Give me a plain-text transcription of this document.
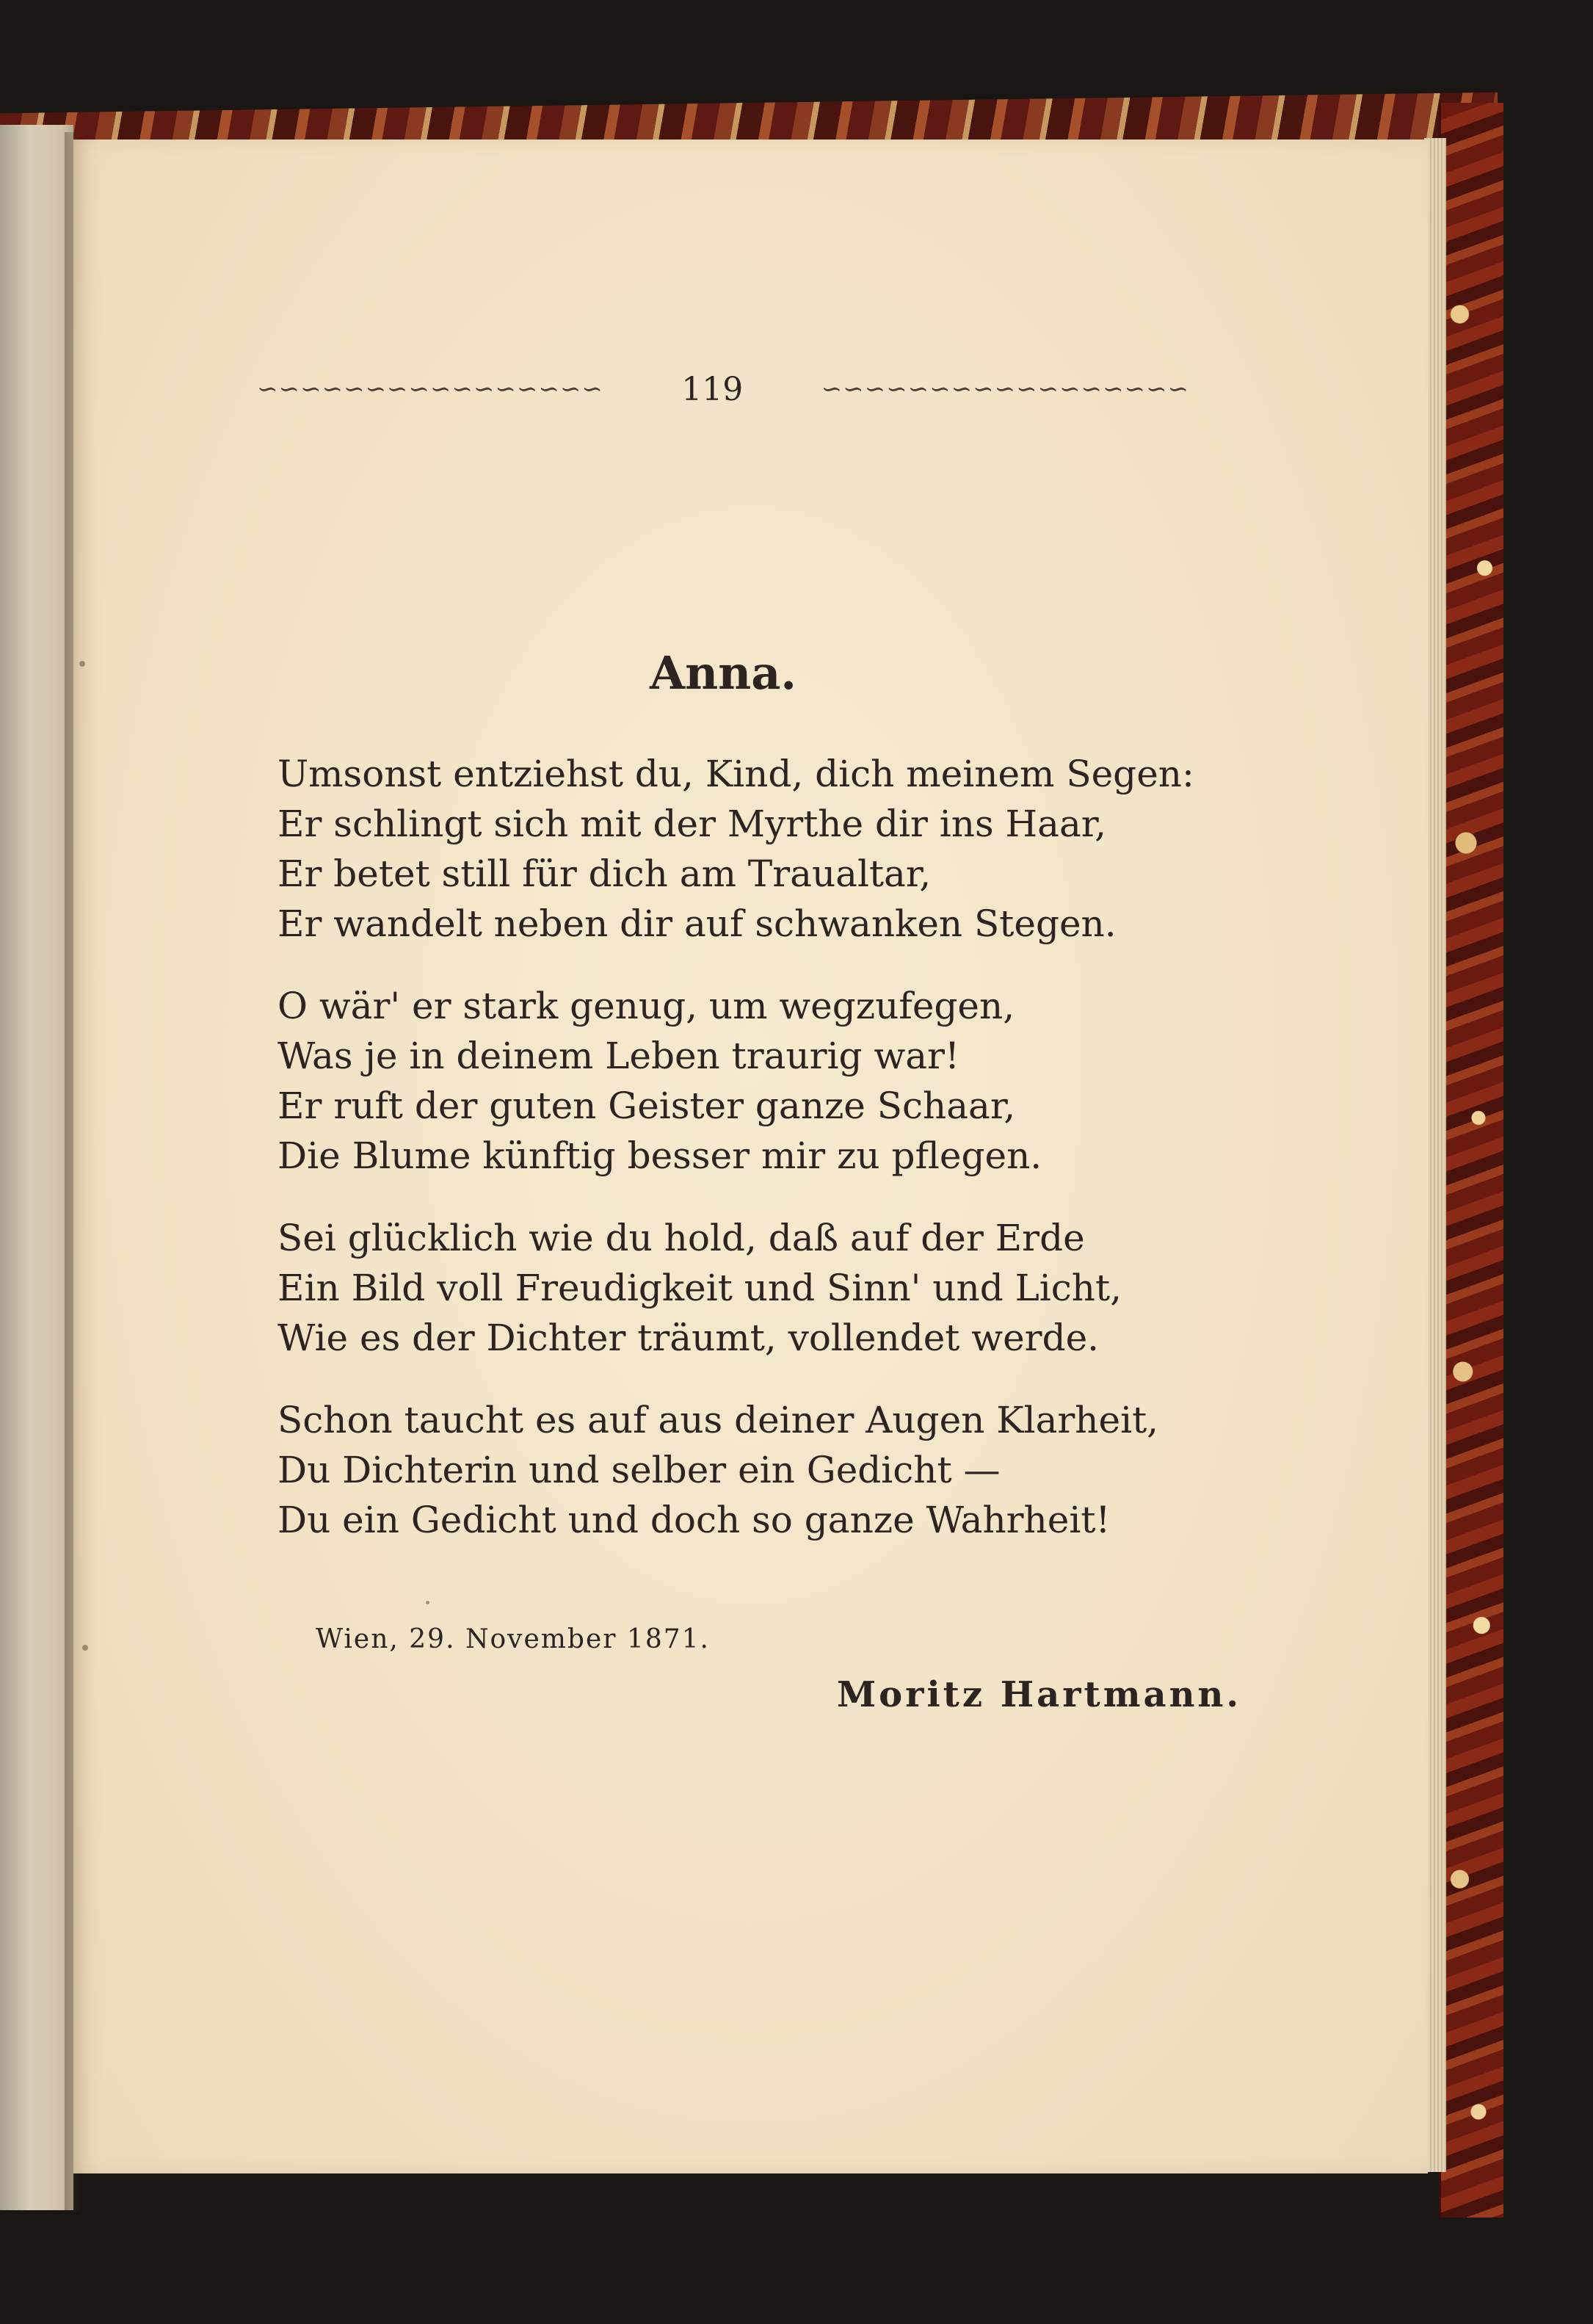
∽∽∽∽∽∽∽∽∽∽∽∽∽∽∽∽ 119	∽∽∽∽∽∽∽∽∽∽∽∽∽∽∽∽∽
Anna.
Umsonst entziehst du, Kind, dich meinem Segen:
Er schlingt sich mit der Myrthe dir ins Haar,
Er betet still für dich am Traualtar,
Er wandelt neben dir auf schwanken Stegen.
O wär' er stark genug, um wegzufegen,
Was je in deinem Leben traurig war!
Er ruft der guten Geister ganze Schaar,
Die Blume künftig besser mir zu pflegen.
Sei glücklich wie du hold, daß auf der Erde
Ein Bild voll Freudigkeit und Sinn' und Licht,
Wie es der Dichter träumt, vollendet werde.
Schon taucht es auf aus deiner Augen Klarheit,
Du Dichterin und selber ein Gedicht —
Du ein Gedicht und doch so ganze Wahrheit!
Wien, 29. November 1871.
Moritz Hartmann.
